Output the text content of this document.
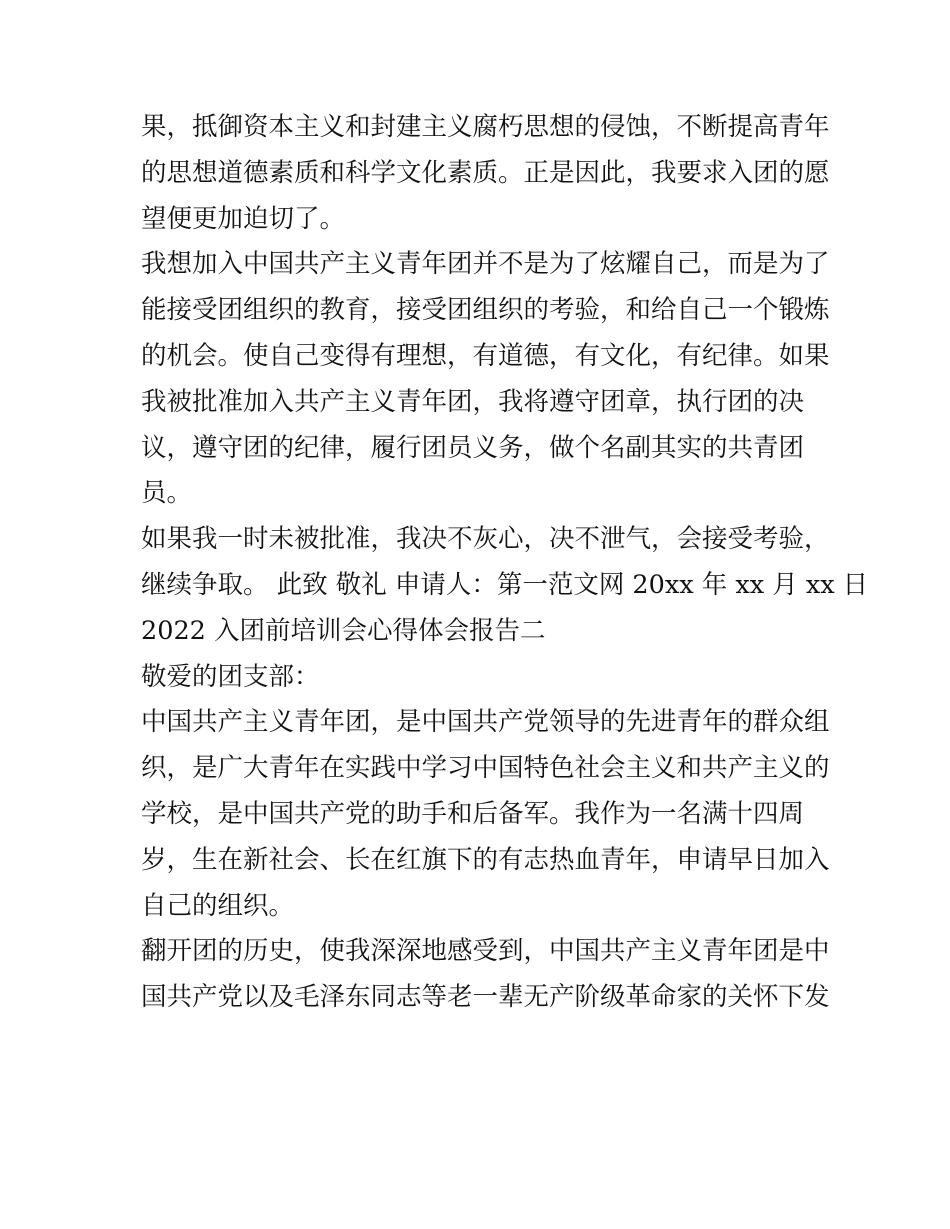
果，抵御资本主义和封建主义腐朽思想的侵蚀，不断提高青年
的思想道德素质和科学文化素质。正是因此，我要求入团的愿
望便更加迫切了。
我想加入中国共产主义青年团并不是为了炫耀自己，而是为了
能接受团组织的教育，接受团组织的考验，和给自己一个锻炼
的机会。使自己变得有理想，有道德，有文化，有纪律。如果
我被批准加入共产主义青年团，我将遵守团章，执行团的决
议，遵守团的纪律，履行团员义务，做个名副其实的共青团
员。
如果我一时未被批准，我决不灰心，决不泄气，会接受考验，
继续争取。 此致 敬礼 申请人：第一范文网 20xx 年 xx 月 xx 日
2022 入团前培训会心得体会报告二
敬爱的团支部：
中国共产主义青年团，是中国共产党领导的先进青年的群众组
织，是广大青年在实践中学习中国特色社会主义和共产主义的
学校，是中国共产党的助手和后备军。我作为一名满十四周
岁，生在新社会、长在红旗下的有志热血青年，申请早日加入
自己的组织。
翻开团的历史，使我深深地感受到，中国共产主义青年团是中
国共产党以及毛泽东同志等老一辈无产阶级革命家的关怀下发
